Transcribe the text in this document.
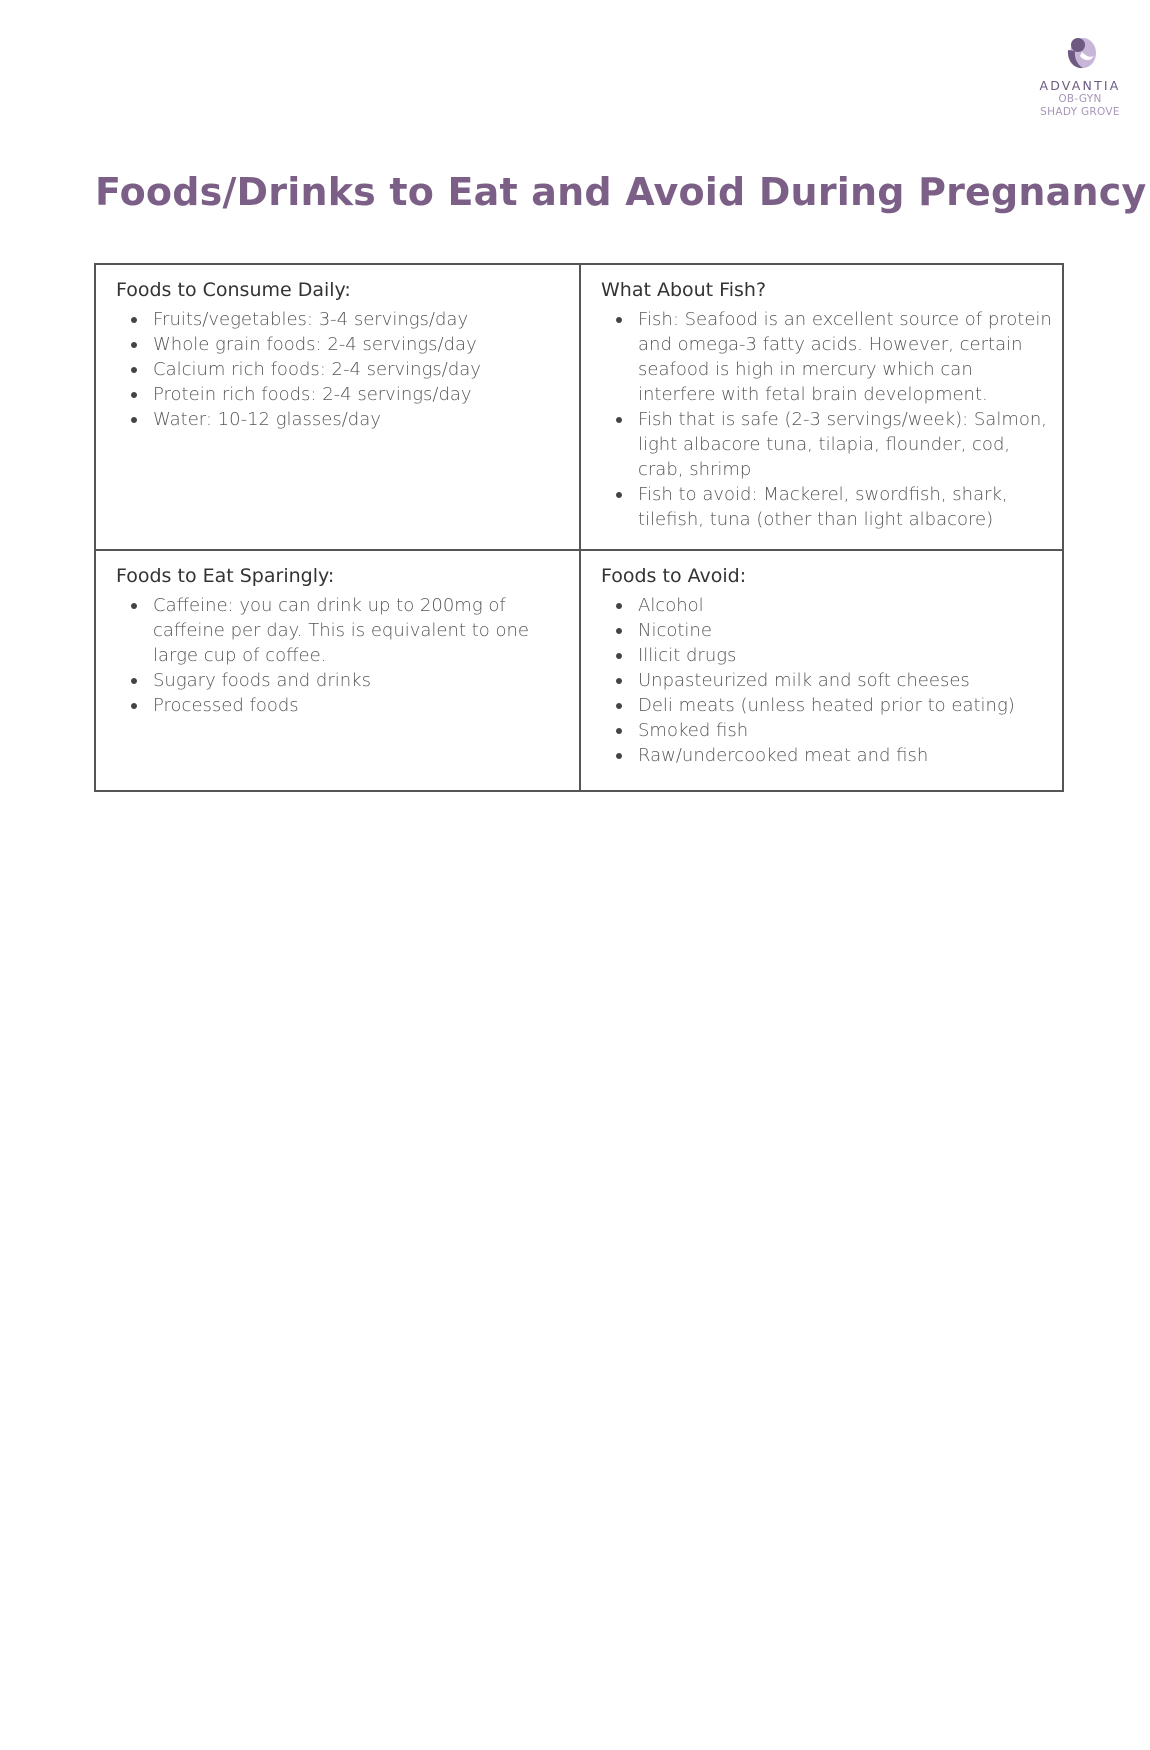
ADVANTIA
OB-GYN
SHADY GROVE
Foods/Drinks to Eat and Avoid During Pregnancy
Foods to Consume Daily:
Fruits/vegetables: 3-4 servings/day
Whole grain foods: 2-4 servings/day
Calcium rich foods: 2-4 servings/day
Protein rich foods: 2-4 servings/day
Water: 10-12 glasses/day
What About Fish?
Fish: Seafood is an excellent source of protein and omega-3 fatty acids. However, certain seafood is high in mercury which can interfere with fetal brain development.
Fish that is safe (2-3 servings/week): Salmon, light albacore tuna, tilapia, flounder, cod, crab, shrimp
Fish to avoid: Mackerel, swordfish, shark, tilefish, tuna (other than light albacore)
Foods to Eat Sparingly:
Caffeine: you can drink up to 200mg of caffeine per day. This is equivalent to one large cup of coffee.
Sugary foods and drinks
Processed foods
Foods to Avoid:
Alcohol
Nicotine
Illicit drugs
Unpasteurized milk and soft cheeses
Deli meats (unless heated prior to eating)
Smoked fish
Raw/undercooked meat and fish
